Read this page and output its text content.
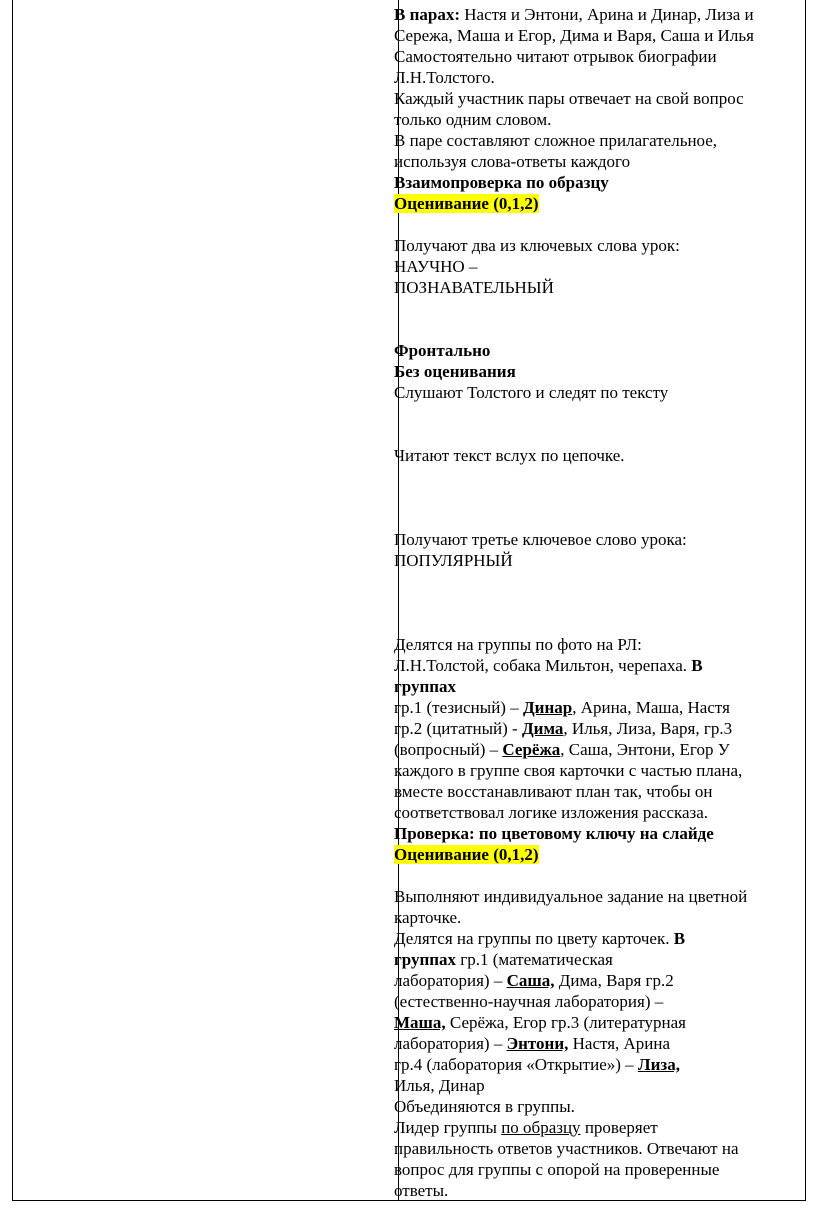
В парах: Настя и Энтони, Арина и Динар, Лиза и
Сережа, Маша и Егор, Дима и Варя, Саша и Илья
Самостоятельно читают отрывок биографии
Л.Н.Толстого.
Каждый участник пары отвечает на свой вопрос
только одним словом.
В паре составляют сложное прилагательное,
используя слова-ответы каждого
Взаимопроверка по образцу
Оценивание (0,1,2)
Получают два из ключевых слова урок:
НАУЧНО –
ПОЗНАВАТЕЛЬНЫЙ
Фронтально
Без оценивания
Слушают Толстого и следят по тексту
Читают текст вслух по цепочке.
Получают третье ключевое слово урока:
ПОПУЛЯРНЫЙ
Делятся на группы по фото на РЛ:
Л.Н.Толстой, собака Мильтон, черепаха. В
группах
гр.1 (тезисный) – Динар, Арина, Маша, Настя
гр.2 (цитатный) - Дима, Илья, Лиза, Варя, гр.3
(вопросный) – Серёжа, Саша, Энтони, Егор У
каждого в группе своя карточки с частью плана,
вместе восстанавливают план так, чтобы он
соответствовал логике изложения рассказа.
Проверка: по цветовому ключу на слайде
Оценивание (0,1,2)
Выполняют индивидуальное задание на цветной
карточке.
Делятся на группы по цвету карточек. В
группах гр.1 (математическая
лаборатория) – Саша, Дима, Варя гр.2
(естественно-научная лаборатория) –
Маша, Серёжа, Егор гр.3 (литературная
лаборатория) – Энтони, Настя, Арина
гр.4 (лаборатория «Открытие») – Лиза,
Илья, Динар
Объединяются в группы.
Лидер группы по образцу проверяет
правильность ответов участников. Отвечают на
вопрос для группы с опорой на проверенные
ответы.
